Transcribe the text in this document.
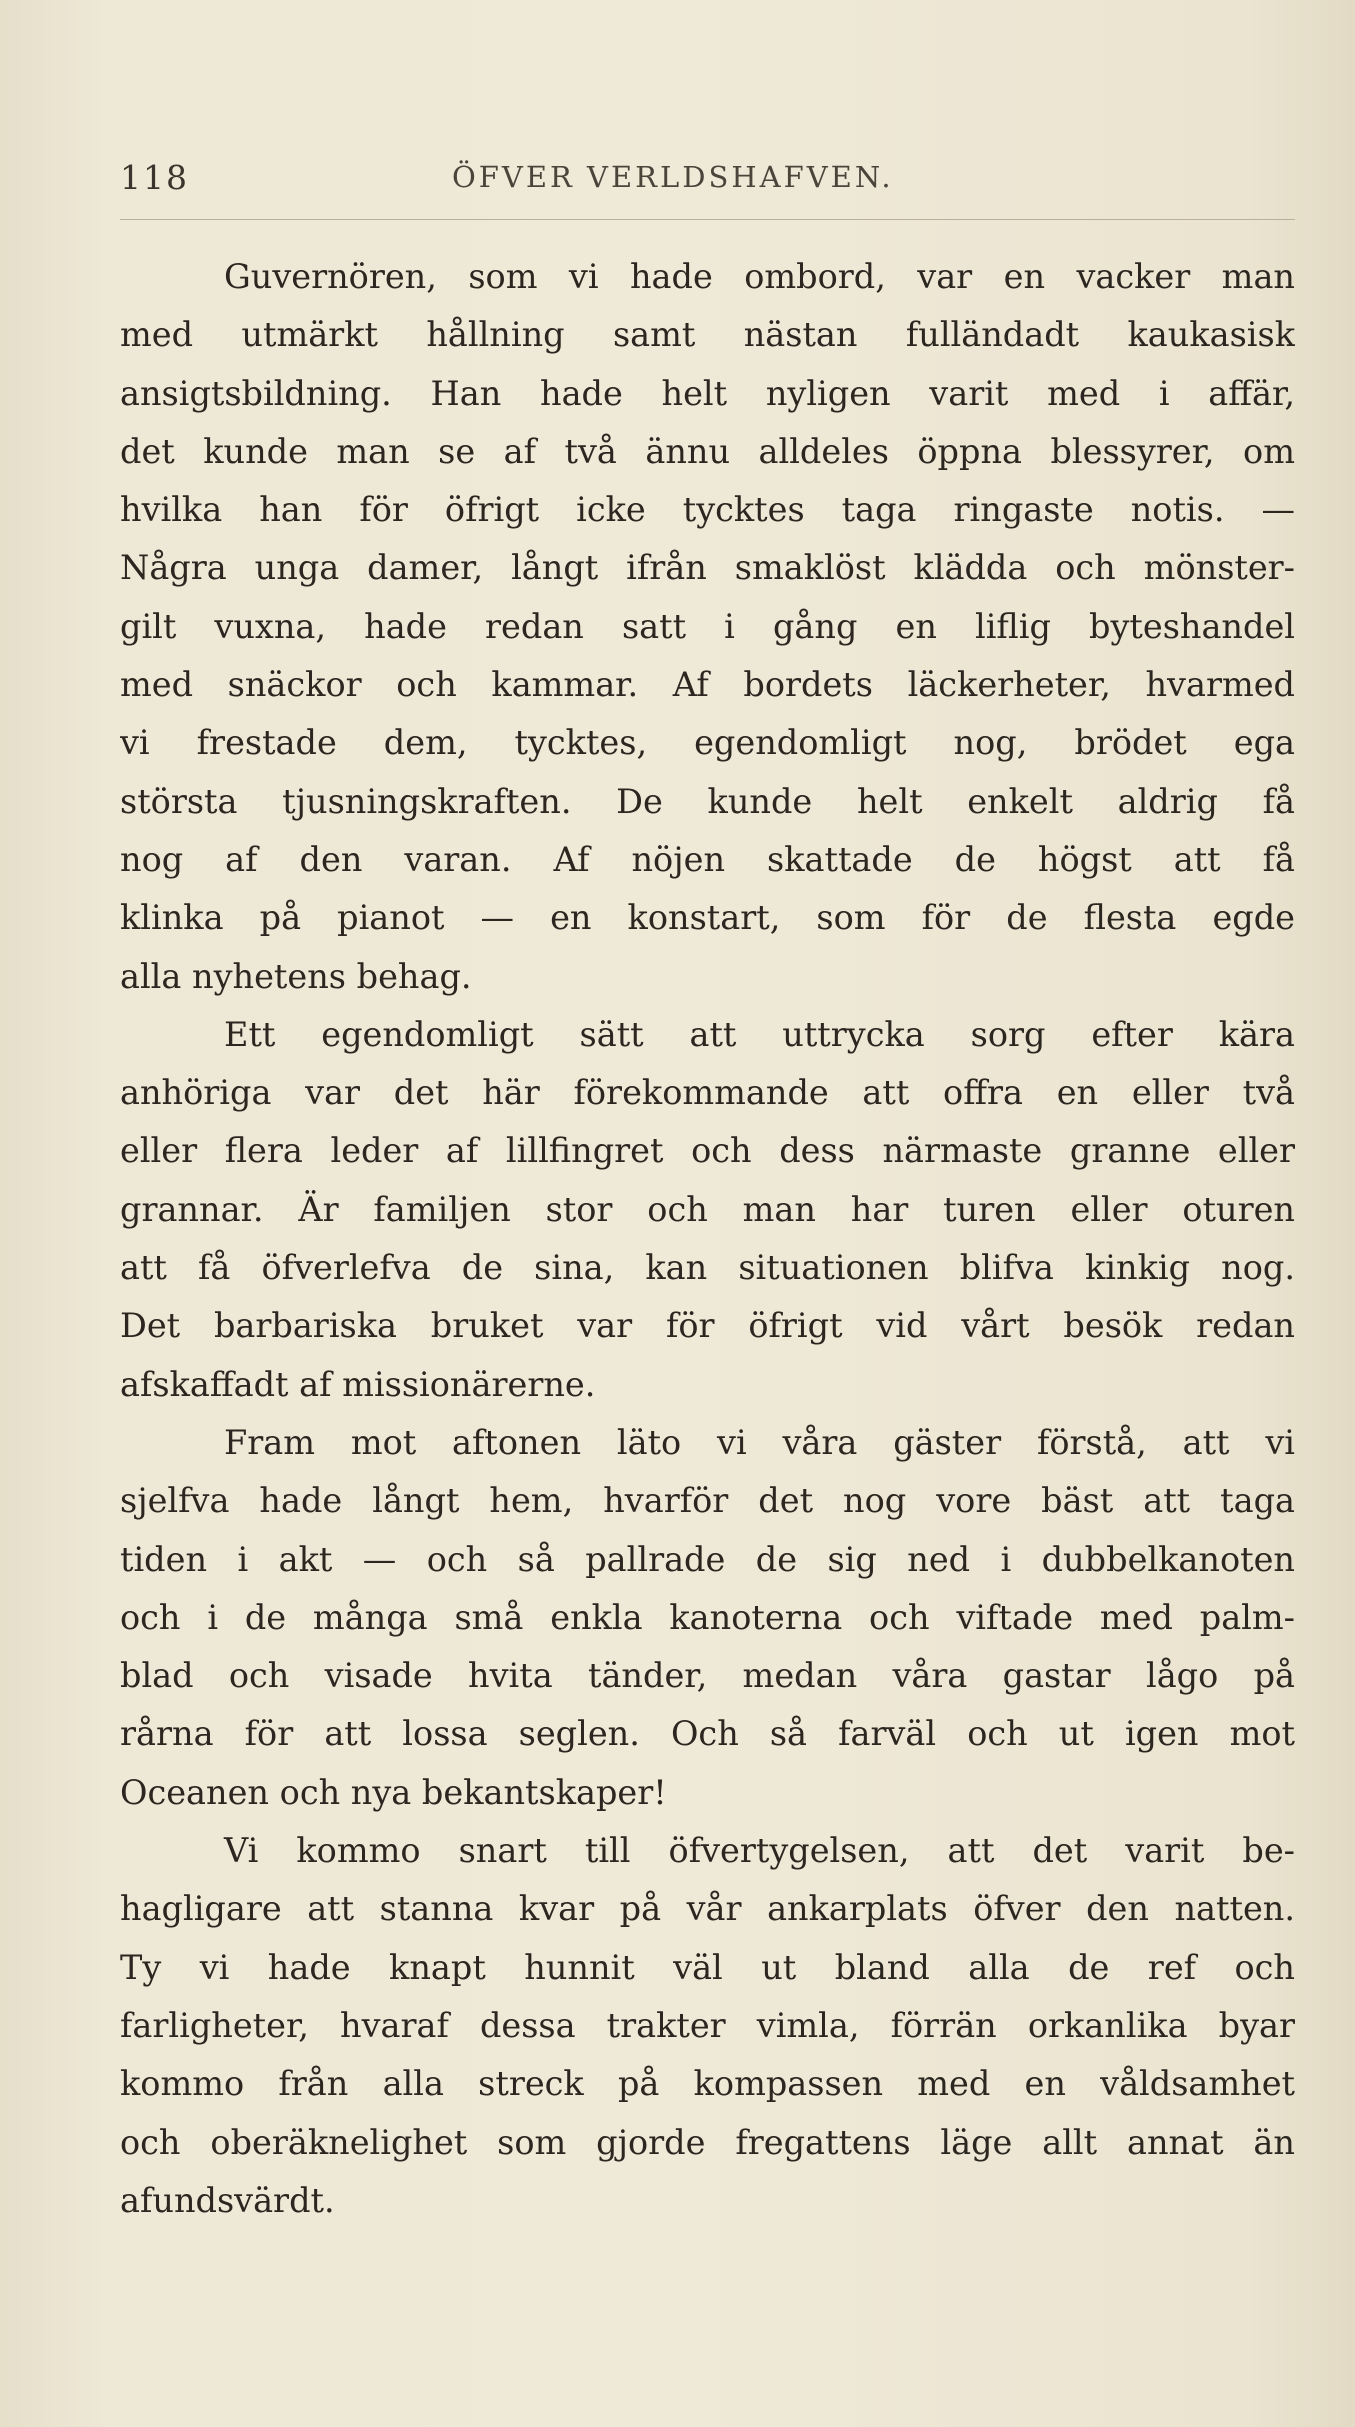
118	ÖFVER VERLDSHAFVEN.
Guvernören, som vi hade ombord, var en vacker man
med utmärkt hållning samt nästan fulländadt kaukasisk
ansigtsbildning. Han hade helt nyligen varit med i affär,
det kunde man se af två ännu alldeles öppna blessyrer, om
hvilka han för öfrigt icke tycktes taga ringaste notis. —
Några unga damer, långt ifrån smaklöst klädda och mönster-
gilt vuxna, hade redan satt i gång en liflig byteshandel
med snäckor och kammar. Af bordets läckerheter, hvarmed
vi frestade dem, tycktes, egendomligt nog, brödet ega
största tjusningskraften. De kunde helt enkelt aldrig få
nog af den varan. Af nöjen skattade de högst att få
klinka på pianot — en konstart, som för de flesta egde
alla nyhetens behag.
Ett egendomligt sätt att uttrycka sorg efter kära
anhöriga var det här förekommande att offra en eller två
eller flera leder af lillfingret och dess närmaste granne eller
grannar. Är familjen stor och man har turen eller oturen
att få öfverlefva de sina, kan situationen blifva kinkig nog.
Det barbariska bruket var för öfrigt vid vårt besök redan
afskaffadt af missionärerne.
Fram mot aftonen läto vi våra gäster förstå, att vi
sjelfva hade långt hem, hvarför det nog vore bäst att taga
tiden i akt — och så pallrade de sig ned i dubbelkanoten
och i de många små enkla kanoterna och viftade med palm-
blad och visade hvita tänder, medan våra gastar lågo på
rårna för att lossa seglen. Och så farväl och ut igen mot
Oceanen och nya bekantskaper!
Vi kommo snart till öfvertygelsen, att det varit be-
hagligare att stanna kvar på vår ankarplats öfver den natten.
Ty vi hade knapt hunnit väl ut bland alla de ref och
farligheter, hvaraf dessa trakter vimla, förrän orkanlika byar
kommo från alla streck på kompassen med en våldsamhet
och oberäknelighet som gjorde fregattens läge allt annat än
afundsvärdt.
